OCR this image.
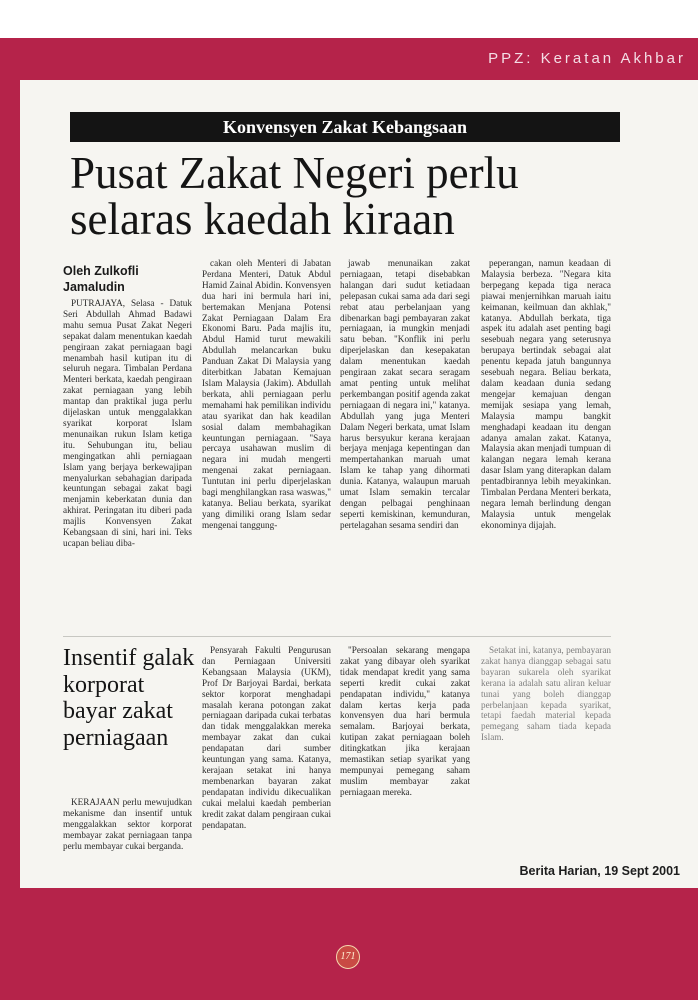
PPZ: Keratan Akhbar
Konvensyen Zakat Kebangsaan
Pusat Zakat Negeri perlu selaras kaedah kiraan
Oleh Zulkofli Jamaludin

PUTRAJAYA, Selasa - Datuk Seri Abdullah Ahmad Badawi mahu semua Pusat Zakat Negeri sepakat dalam menentukan kaedah pengiraan zakat perniagaan bagi menambah hasil kutipan itu di seluruh negara. Timbalan Perdana Menteri berkata, kaedah pengiraan zakat perniagaan yang lebih mantap dan praktikal juga perlu dijelaskan untuk menggalakkan syarikat korporat Islam menunaikan rukun Islam ketiga itu. Sehubungan itu, beliau mengingatkan ahli perniagaan Islam yang berjaya berkewajipan menyalurkan sebahagian daripada keuntungan sebagai zakat bagi menjamin keberkatan dunia dan akhirat. Peringatan itu diberi pada majlis Konvensyen Zakat Kebangsaan di sini, hari ini. Teks ucapan beliau diba-

cakan oleh Menteri di Jabatan Perdana Menteri, Datuk Abdul Hamid Zainal Abidin. Konvensyen dua hari ini bermula hari ini, bertemakan Menjana Potensi Zakat Perniagaan Dalam Era Ekonomi Baru. Pada majlis itu, Abdul Hamid turut mewakili Abdullah melancarkan buku Panduan Zakat Di Malaysia yang diterbitkan Jabatan Kemajuan Islam Malaysia (Jakim). Abdullah berkata, ahli perniagaan perlu memahami hak pemilikan individu atau syarikat dan hak keadilan sosial dalam membahagikan keuntungan perniagaan. "Saya percaya usahawan muslim di negara ini mudah mengerti mengenai zakat perniagaan. Tuntutan ini perlu diperjelaskan bagi menghilangkan rasa waswas," katanya. Beliau berkata, syarikat yang dimiliki orang Islam sedar mengenai tanggung-

jawab menunaikan zakat perniagaan, tetapi disebabkan halangan dari sudut ketiadaan pelepasan cukai sama ada dari segi rebat atau perbelanjaan yang dibenarkan bagi pembayaran zakat perniagaan, ia mungkin menjadi satu beban. "Konflik ini perlu diperjelaskan dan kesepakatan dalam menentukan kaedah pengiraan zakat secara seragam amat penting untuk melihat perkembangan positif agenda zakat perniagaan di negara ini," katanya. Abdullah yang juga Menteri Dalam Negeri berkata, umat Islam harus bersyukur kerana kerajaan berjaya menjaga kepentingan dan mempertahankan maruah umat Islam ke tahap yang dihormati dunia. Katanya, walaupun maruah umat Islam semakin tercalar dengan pelbagai penghinaan seperti kemiskinan, kemunduran, pertelagahan sesama sendiri dan

peperangan, namun keadaan di Malaysia berbeza. "Negara kita berpegang kepada tiga neraca piawai menjernihkan maruah iaitu keimanan, keilmuan dan akhlak," katanya. Abdullah berkata, tiga aspek itu adalah aset penting bagi sesebuah negara yang seterusnya berupaya bertindak sebagai alat penentu kepada jatuh bangunnya sesebuah negara. Beliau berkata, dalam keadaan dunia sedang mengejar kemajuan dengan memijak sesiapa yang lemah, Malaysia mampu bangkit menghadapi keadaan itu dengan adanya amalan zakat. Katanya, Malaysia akan menjadi tumpuan di kalangan negara lemah kerana dasar Islam yang diterapkan dalam pentadbirannya lebih meyakinkan. Timbalan Perdana Menteri berkata, negara lemah berlindung dengan Malaysia untuk mengelak ekonominya dijajah.

Insentif galak korporat bayar zakat perniagaan

KERAJAAN perlu mewujudkan mekanisme dan insentif untuk menggalakkan sektor korporat membayar zakat perniagaan tanpa perlu membayar cukai berganda.

Pensyarah Fakulti Pengurusan dan Perniagaan Universiti Kebangsaan Malaysia (UKM), Prof Dr Barjoyai Bardai, berkata sektor korporat menghadapi masalah kerana potongan zakat perniagaan daripada cukai terbatas dan tidak menggalakkan mereka membayar zakat dan cukai pendapatan dari sumber keuntungan yang sama. Katanya, kerajaan setakat ini hanya membenarkan bayaran zakat pendapatan individu dikecualikan cukai melalui kaedah pemberian kredit zakat dalam pengiraan cukai pendapatan.

"Persoalan sekarang mengapa zakat yang dibayar oleh syarikat tidak mendapat kredit yang sama seperti kredit cukai zakat pendapatan individu," katanya dalam kertas kerja pada konvensyen dua hari bermula semalam. Barjoyai berkata, kutipan zakat perniagaan boleh ditingkatkan jika kerajaan memastikan setiap syarikat yang mempunyai pemegang saham muslim membayar zakat perniagaan mereka.

Setakat ini, katanya, pembayaran zakat hanya dianggap sebagai satu bayaran sukarela oleh syarikat kerana ia adalah satu aliran keluar tunai yang boleh dianggap perbelanjaan kepada syarikat, tetapi faedah material kepada pemegang saham tiada kepada Islam.

Berita Harian, 19 Sept 2001
171
